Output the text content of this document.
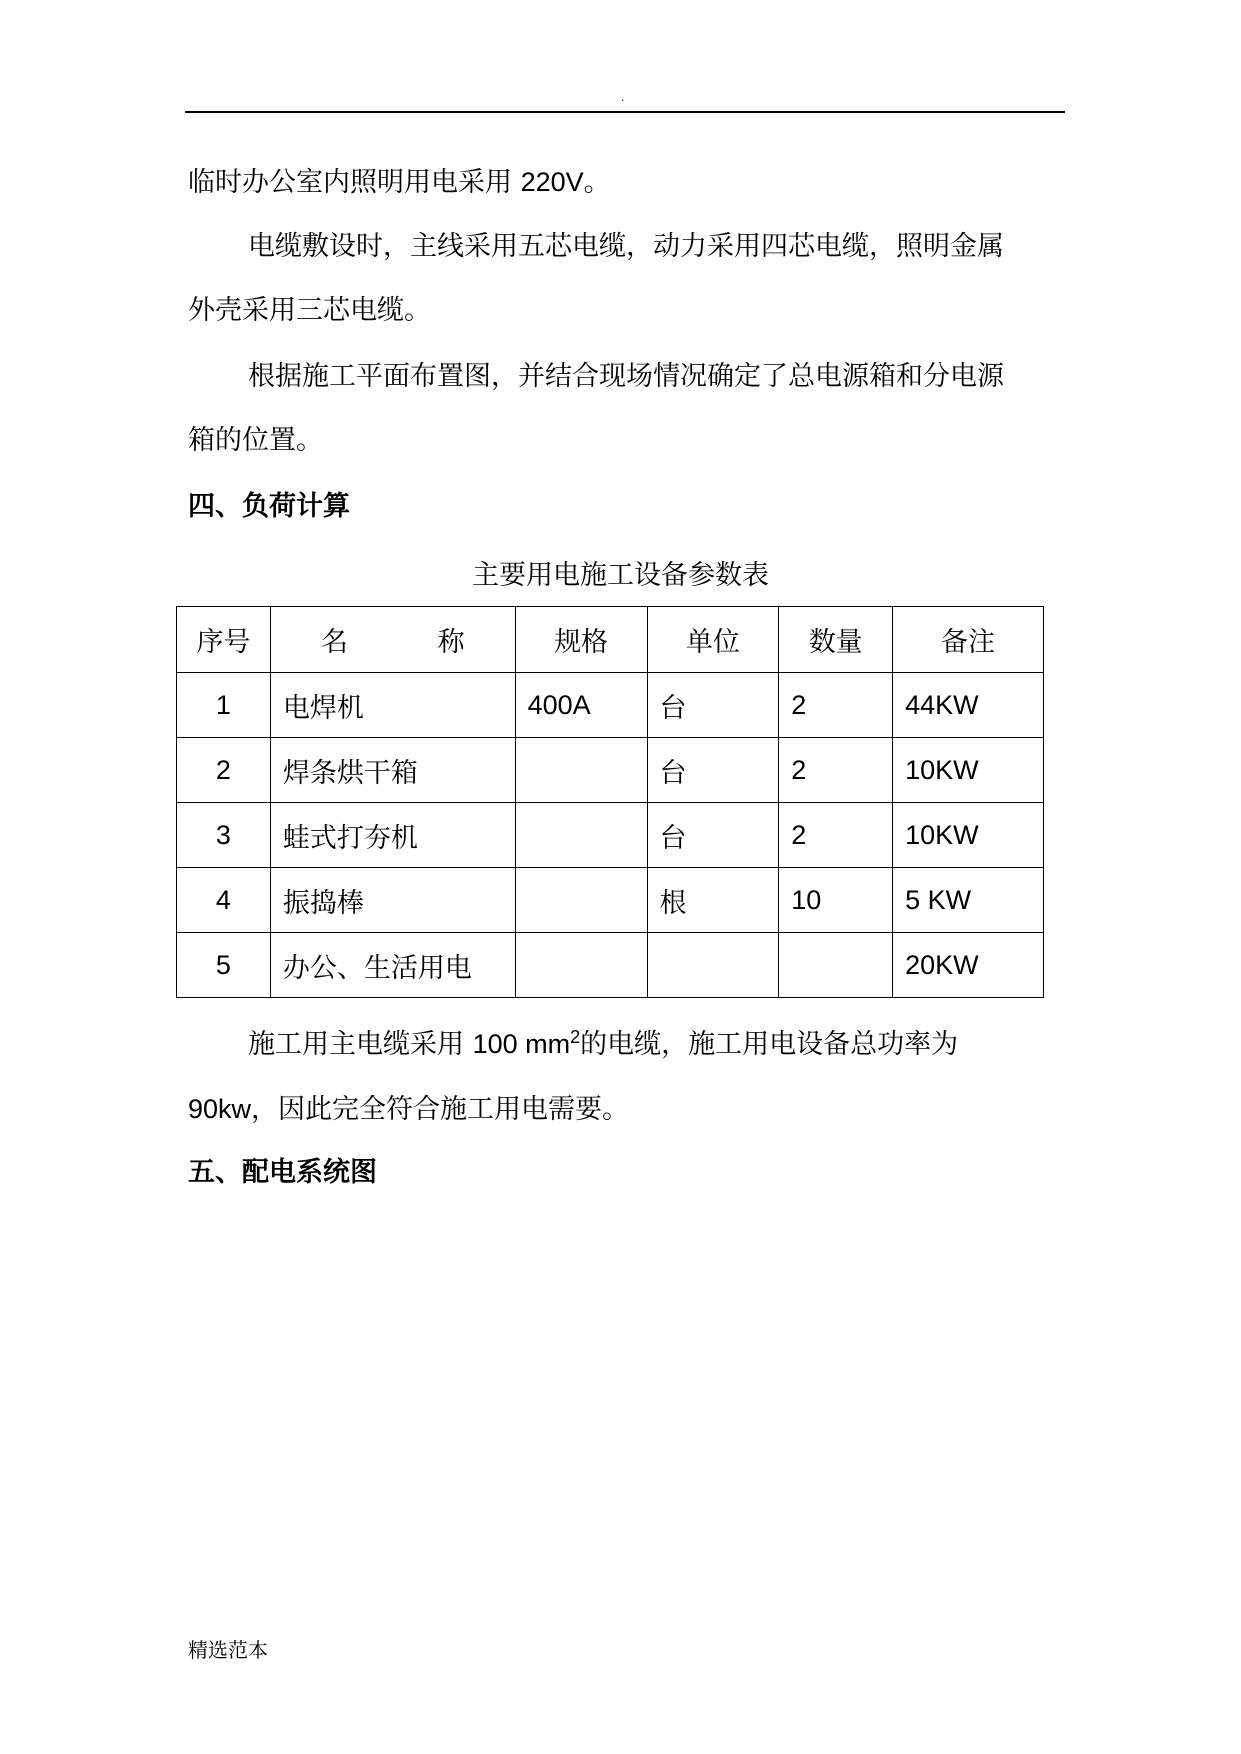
.
临时办公室内照明用电采用 220V。
电缆敷设时，主线采用五芯电缆，动力采用四芯电缆，照明金属
外壳采用三芯电缆。
根据施工平面布置图，并结合现场情况确定了总电源箱和分电源
箱的位置。
四、负荷计算
主要用电施工设备参数表
序号	名 称	规格	单位	数量	备注
1	电焊机	400A	台	2	44KW
2	焊条烘干箱		台	2	10KW
3	蛙式打夯机		台	2	10KW
4	振捣棒		根	10	5 KW
5	办公、生活用电				20KW
施工用主电缆采用 100 $mm^2$的电缆，施工用电设备总功率为
90kw，因此完全符合施工用电需要。
五、配电系统图
精选范本
